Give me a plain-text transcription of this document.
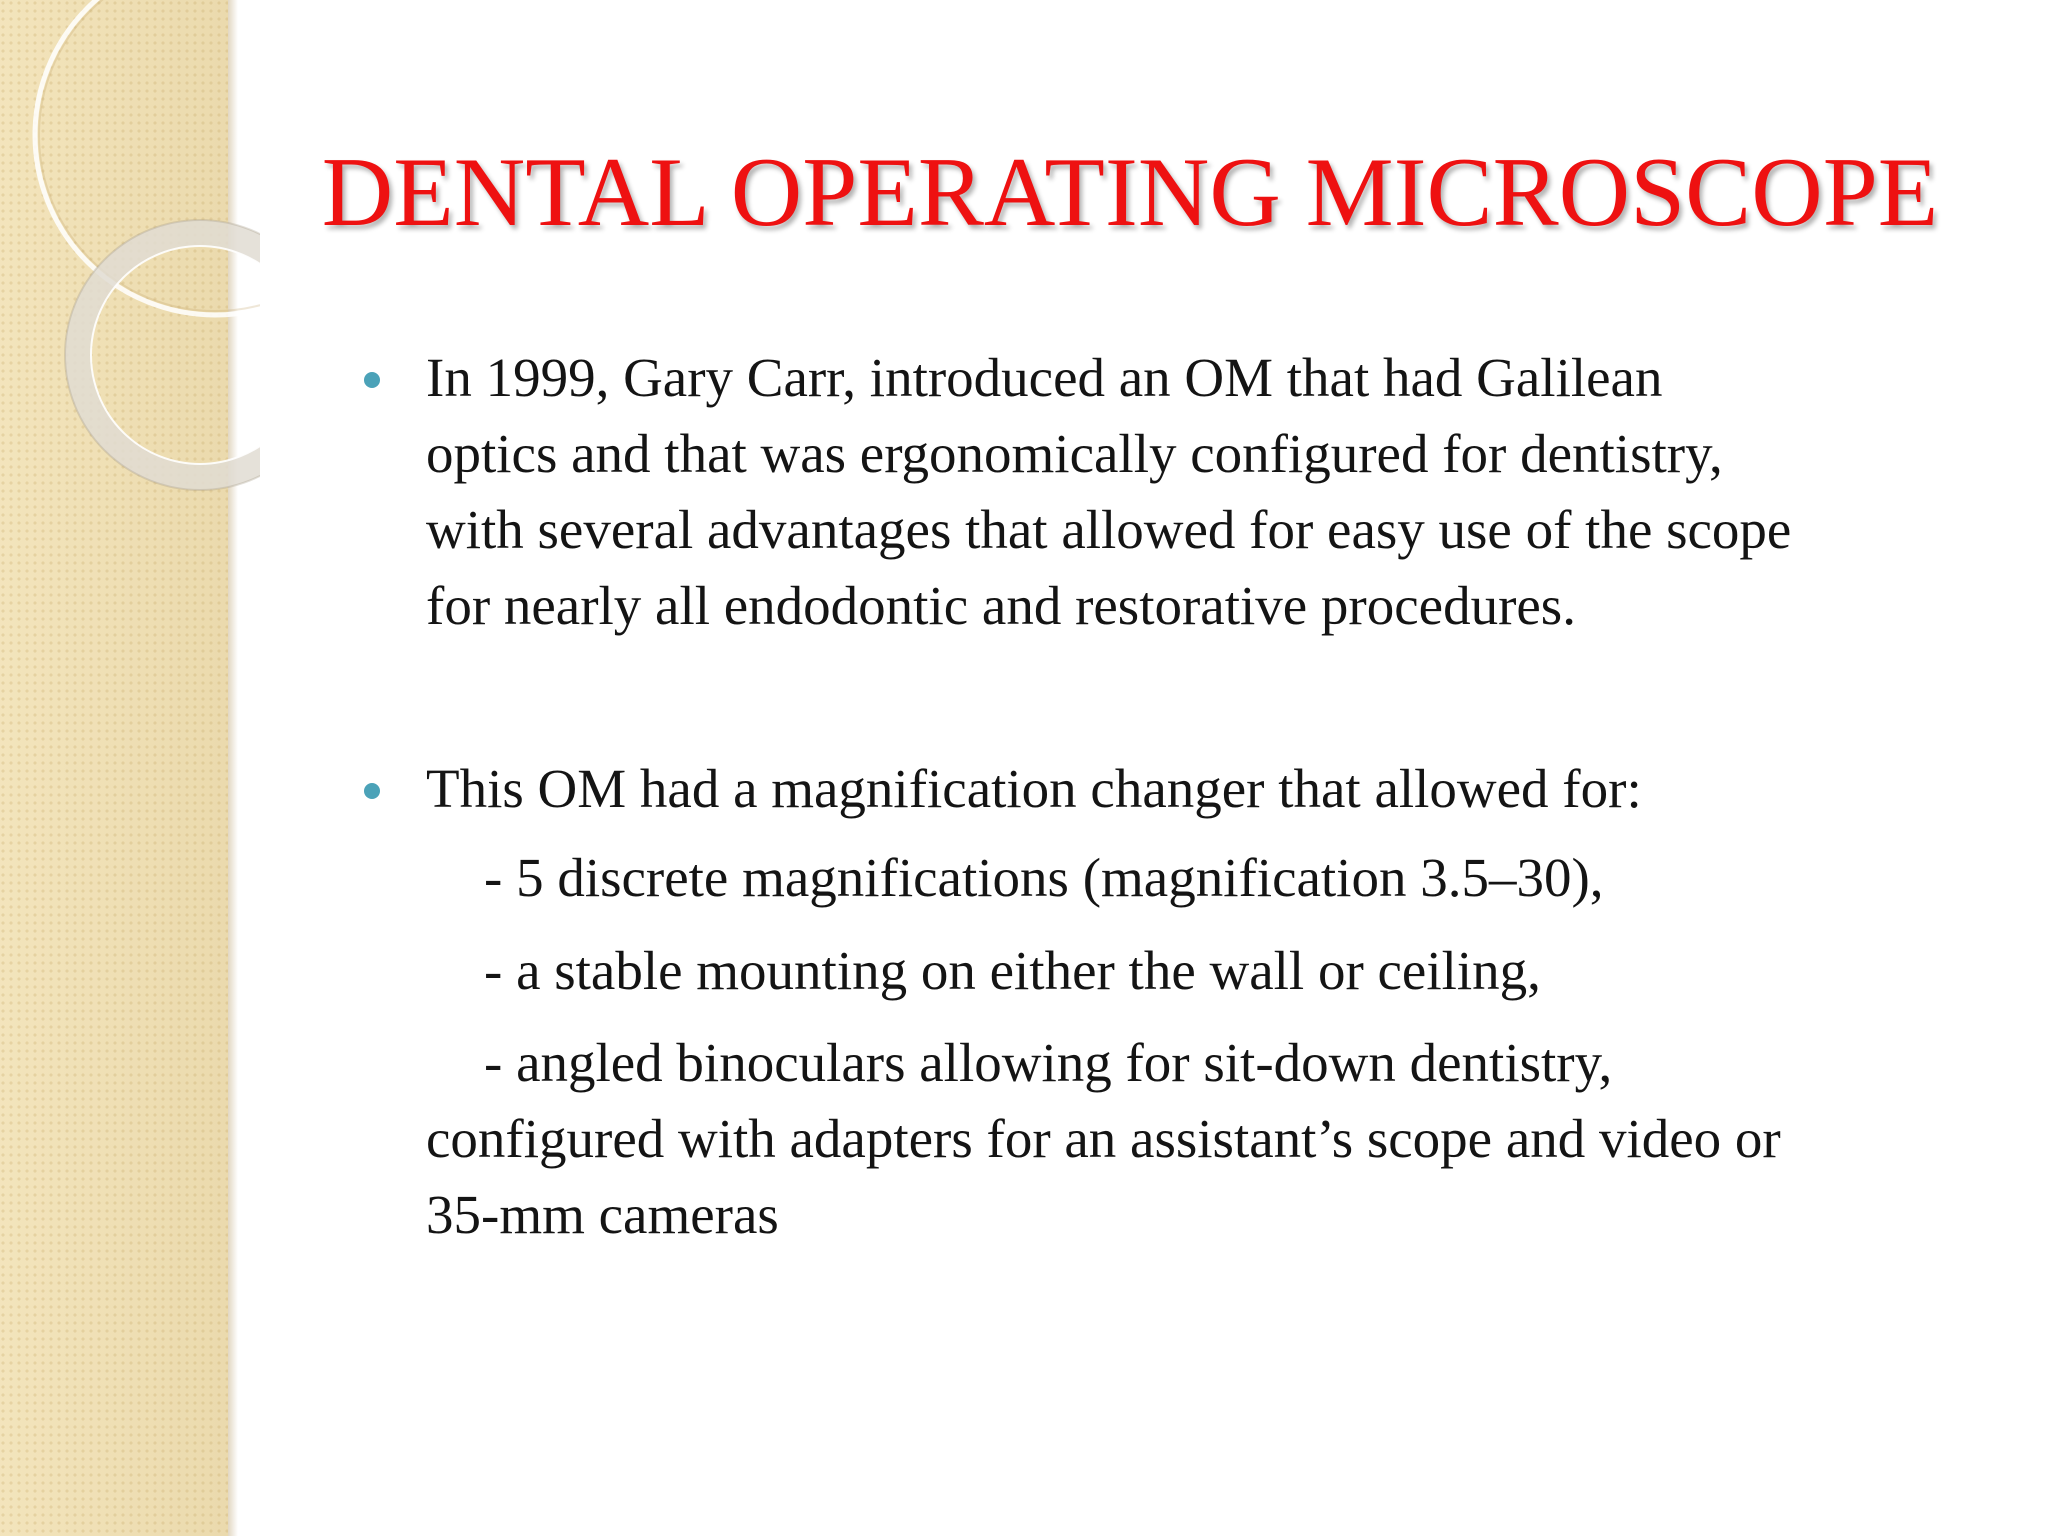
DENTAL OPERATING MICROSCOPE
In 1999, Gary Carr, introduced an OM that had Galilean
optics and that was ergonomically configured for dentistry,
with several advantages that allowed for easy use of the scope
for nearly all endodontic and restorative procedures.
This OM had a magnification changer that allowed for:
- 5 discrete magnifications (magnification 3.5–30),
- a stable mounting on either the wall or ceiling,
- angled binoculars allowing for sit-down dentistry,
configured with adapters for an assistant’s scope and video or
35-mm cameras
